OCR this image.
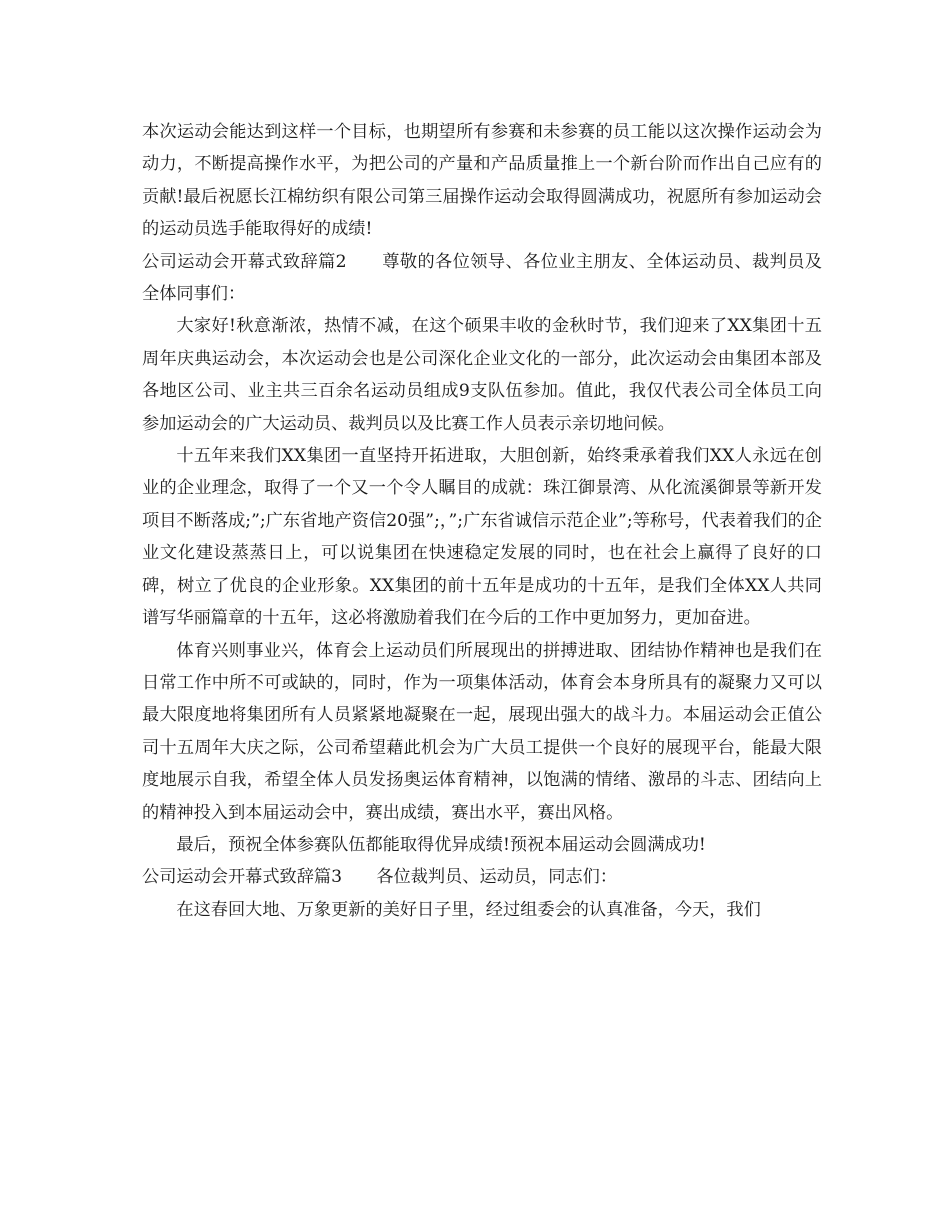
本次运动会能达到这样一个目标，也期望所有参赛和未参赛的员工能以这次操作运动会为动力，不断提高操作水平，为把公司的产量和产品质量推上一个新台阶而作出自己应有的贡献!最后祝愿长江棉纺织有限公司第三届操作运动会取得圆满成功，祝愿所有参加运动会的运动员选手能取得好的成绩!

公司运动会开幕式致辞篇2　　尊敬的各位领导、各位业主朋友、全体运动员、裁判员及全体同事们：

大家好!秋意渐浓，热情不减，在这个硕果丰收的金秋时节，我们迎来了XX集团十五周年庆典运动会，本次运动会也是公司深化企业文化的一部分，此次运动会由集团本部及各地区公司、业主共三百余名运动员组成9支队伍参加。值此，我仅代表公司全体员工向参加运动会的广大运动员、裁判员以及比赛工作人员表示亲切地问候。

十五年来我们XX集团一直坚持开拓进取，大胆创新，始终秉承着我们XX人永远在创业的企业理念，取得了一个又一个令人瞩目的成就：珠江御景湾、从化流溪御景等新开发项目不断落成;”;广东省地产资信20强”;，”;广东省诚信示范企业”;等称号，代表着我们的企业文化建设蒸蒸日上，可以说集团在快速稳定发展的同时，也在社会上赢得了良好的口碑，树立了优良的企业形象。XX集团的前十五年是成功的十五年，是我们全体XX人共同谱写华丽篇章的十五年，这必将激励着我们在今后的工作中更加努力，更加奋进。

体育兴则事业兴，体育会上运动员们所展现出的拼搏进取、团结协作精神也是我们在日常工作中所不可或缺的，同时，作为一项集体活动，体育会本身所具有的凝聚力又可以最大限度地将集团所有人员紧紧地凝聚在一起，展现出强大的战斗力。本届运动会正值公司十五周年大庆之际，公司希望藉此机会为广大员工提供一个良好的展现平台，能最大限度地展示自我，希望全体人员发扬奥运体育精神，以饱满的情绪、激昂的斗志、团结向上的精神投入到本届运动会中，赛出成绩，赛出水平，赛出风格。

最后，预祝全体参赛队伍都能取得优异成绩!预祝本届运动会圆满成功!

公司运动会开幕式致辞篇3　　各位裁判员、运动员，同志们：

在这春回大地、万象更新的美好日子里，经过组委会的认真准备，今天，我们
